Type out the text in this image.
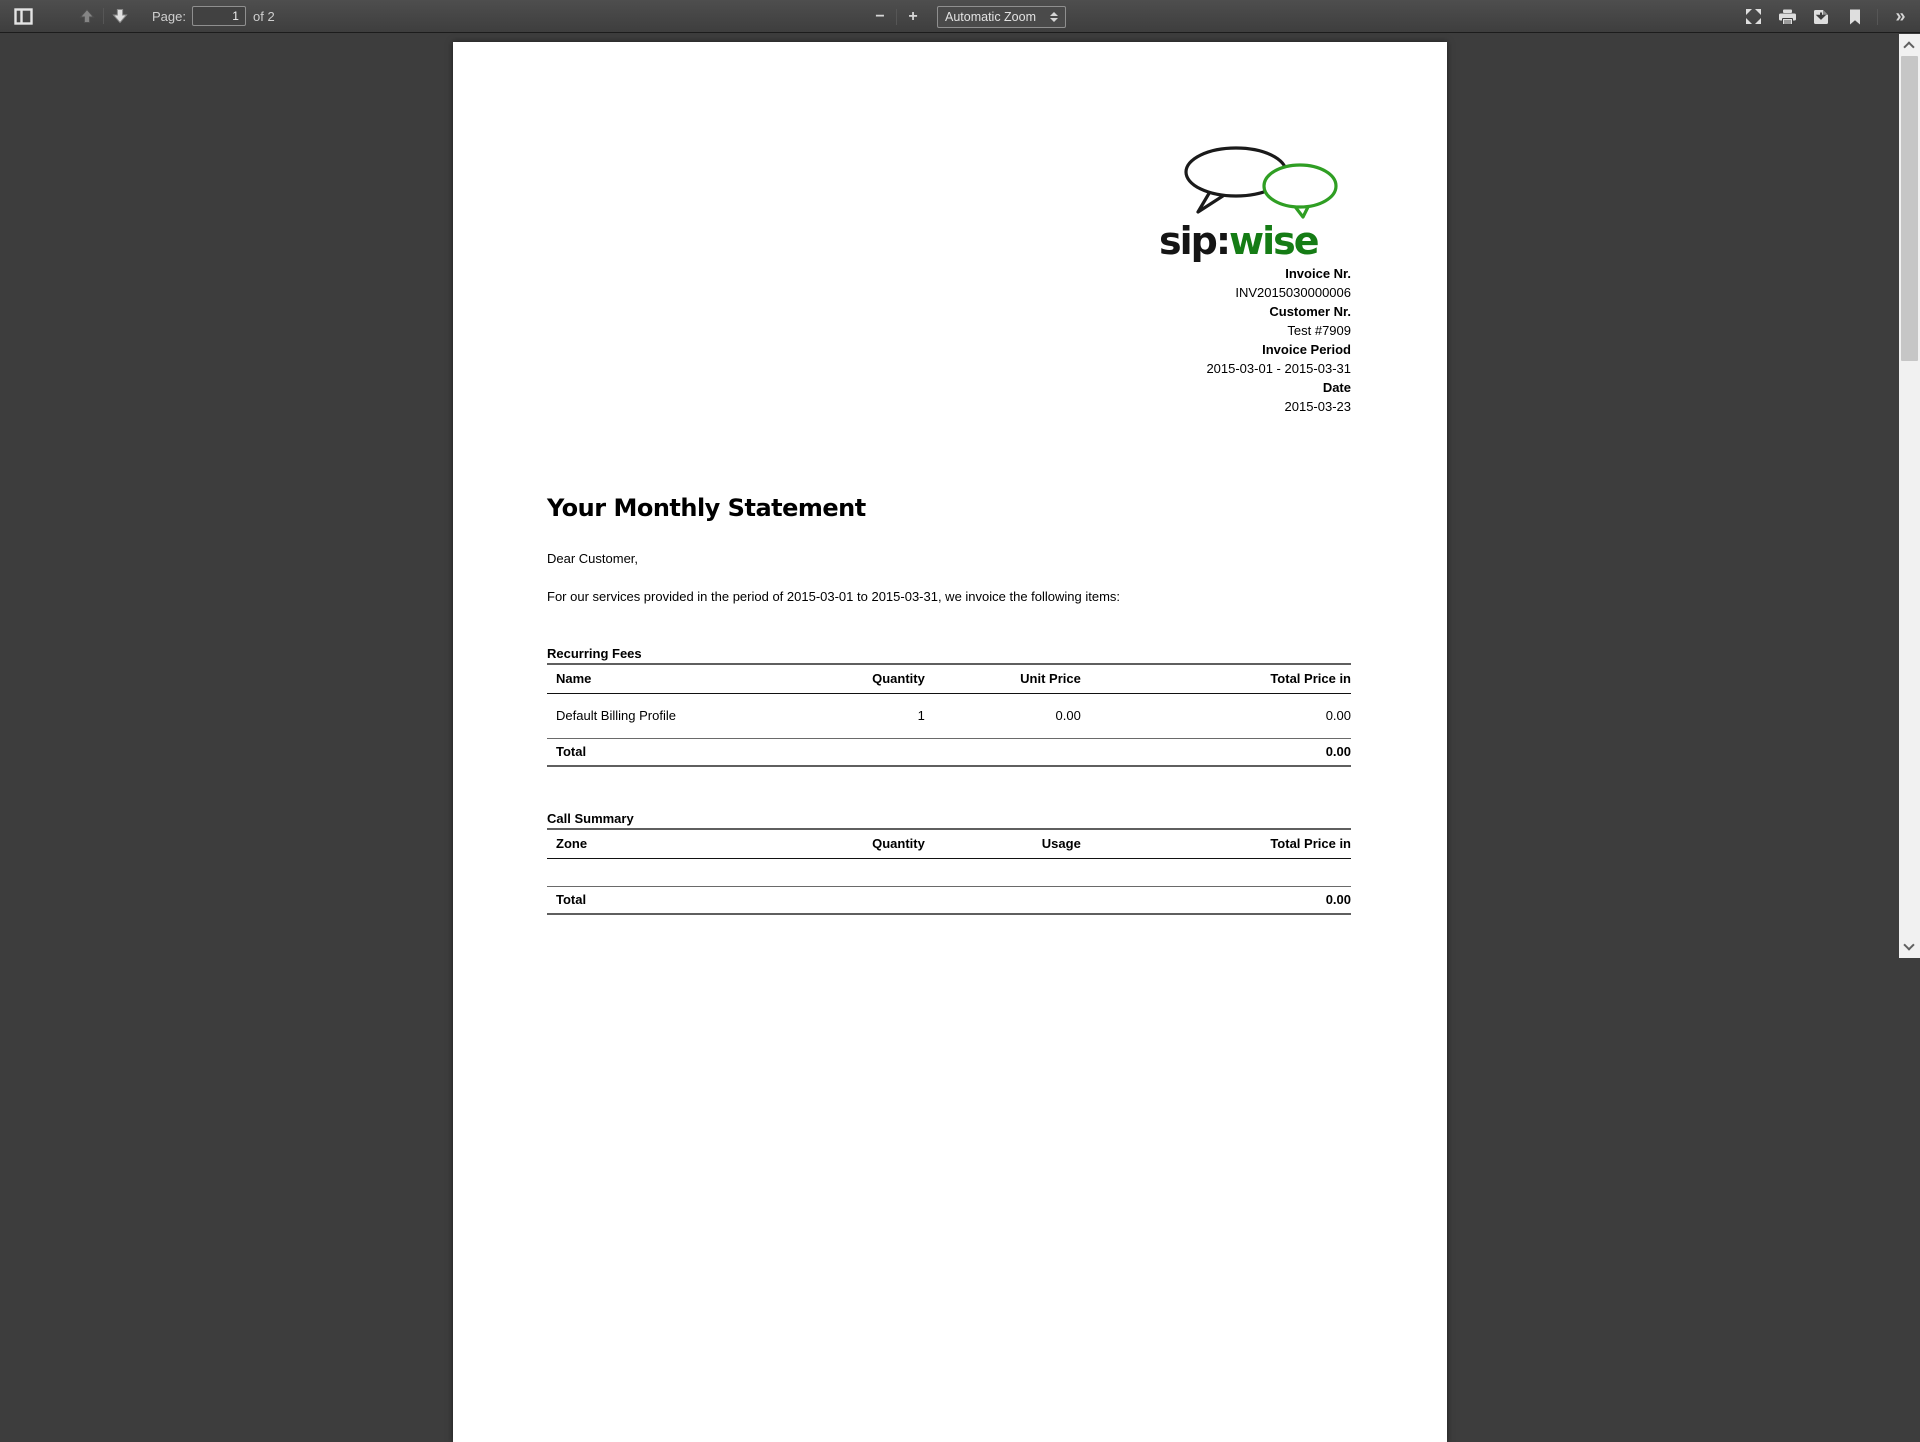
Page:
1	of 2	−	+	Automatic Zoom	»
sip:wise
Invoice Nr.
INV2015030000006
Customer Nr.
Test #7909
Invoice Period
2015-03-01 - 2015-03-31
Date
2015-03-23
Your Monthly Statement
Dear Customer,
For our services provided in the period of 2015-03-01 to 2015-03-31, we invoice the following items:
Recurring Fees
Name	Quantity	Unit Price	Total Price in
Default Billing Profile	1	0.00	0.00
Total			0.00
Call Summary
Zone	Quantity	Usage	Total Price in

Total			0.00
